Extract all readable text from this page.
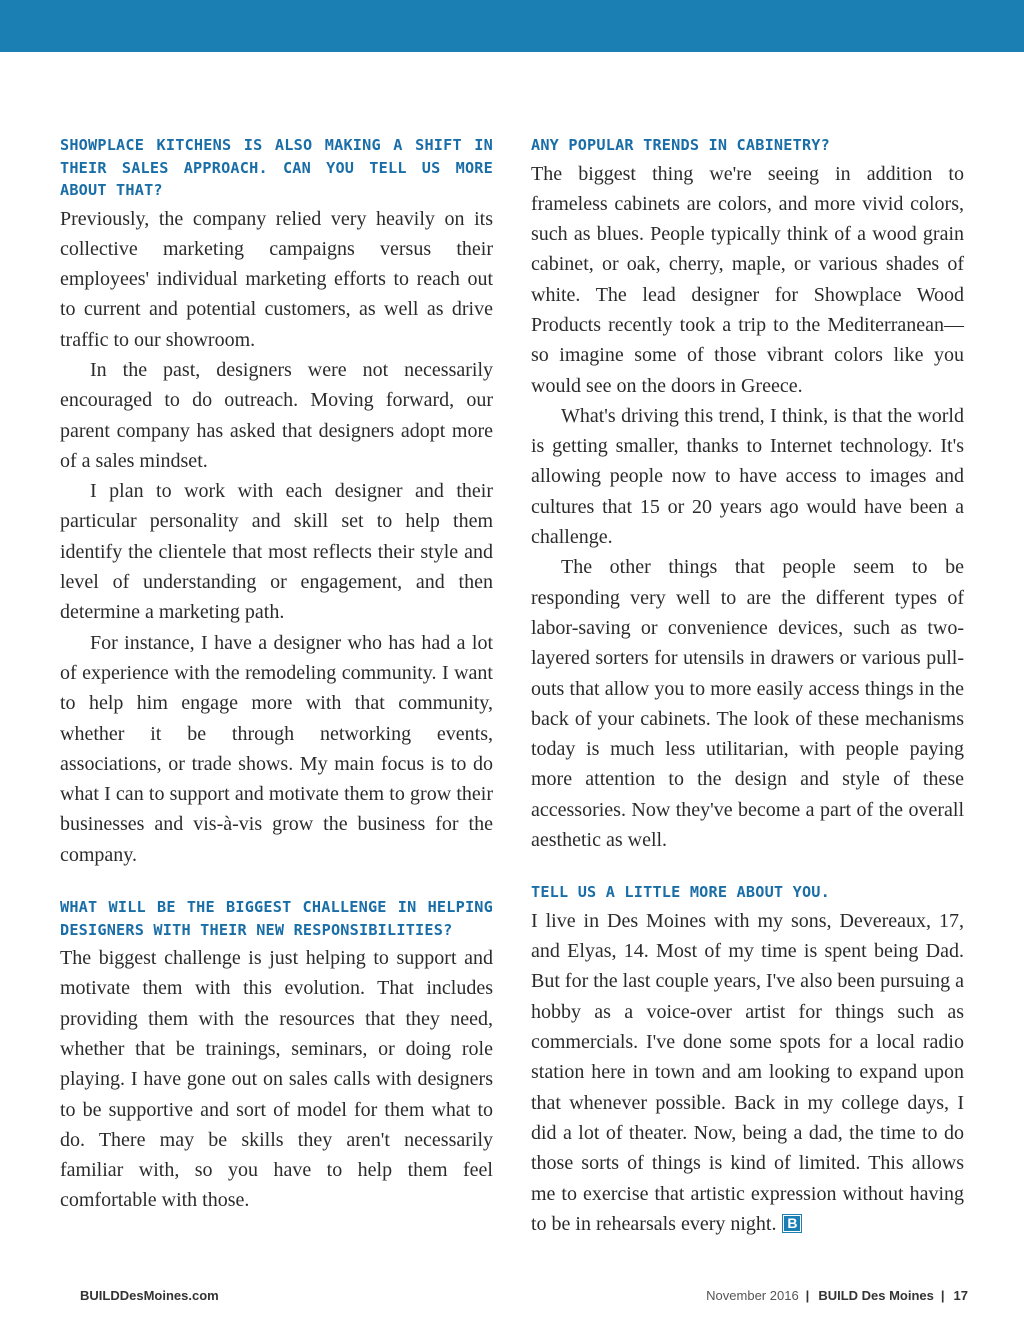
SHOWPLACE KITCHENS IS ALSO MAKING A SHIFT IN THEIR SALES APPROACH. CAN YOU TELL US MORE ABOUT THAT?

Previously, the company relied very heavily on its collective marketing campaigns versus their employees' individual marketing efforts to reach out to current and potential customers, as well as drive traffic to our showroom.

In the past, designers were not necessarily encouraged to do outreach. Moving forward, our parent company has asked that designers adopt more of a sales mindset.

I plan to work with each designer and their particular personality and skill set to help them identify the clientele that most reflects their style and level of understanding or engagement, and then determine a marketing path.

For instance, I have a designer who has had a lot of experience with the remodeling community. I want to help him engage more with that community, whether it be through networking events, associations, or trade shows. My main focus is to do what I can to support and motivate them to grow their businesses and vis-à-vis grow the business for the company.

WHAT WILL BE THE BIGGEST CHALLENGE IN HELPING DESIGNERS WITH THEIR NEW RESPONSIBILITIES?

The biggest challenge is just helping to support and motivate them with this evolution. That includes providing them with the resources that they need, whether that be trainings, seminars, or doing role playing. I have gone out on sales calls with designers to be supportive and sort of model for them what to do. There may be skills they aren't necessarily familiar with, so you have to help them feel comfortable with those.

ANY POPULAR TRENDS IN CABINETRY?

The biggest thing we're seeing in addition to frameless cabinets are colors, and more vivid colors, such as blues. People typically think of a wood grain cabinet, or oak, cherry, maple, or various shades of white. The lead designer for Showplace Wood Products recently took a trip to the Mediterranean—so imagine some of those vibrant colors like you would see on the doors in Greece.

What's driving this trend, I think, is that the world is getting smaller, thanks to Internet technology. It's allowing people now to have access to images and cultures that 15 or 20 years ago would have been a challenge.

The other things that people seem to be responding very well to are the different types of labor-saving or convenience devices, such as two-layered sorters for utensils in drawers or various pull-outs that allow you to more easily access things in the back of your cabinets. The look of these mechanisms today is much less utilitarian, with people paying more attention to the design and style of these accessories. Now they've become a part of the overall aesthetic as well.

TELL US A LITTLE MORE ABOUT YOU.

I live in Des Moines with my sons, Devereaux, 17, and Elyas, 14. Most of my time is spent being Dad. But for the last couple years, I've also been pursuing a hobby as a voice-over artist for things such as commercials. I've done some spots for a local radio station here in town and am looking to expand upon that whenever possible. Back in my college days, I did a lot of theater. Now, being a dad, the time to do those sorts of things is kind of limited. This allows me to exercise that artistic expression without having to be in rehearsals every night. B

BUILDDesMoines.com	November 2016 | BUILD Des Moines | 17
